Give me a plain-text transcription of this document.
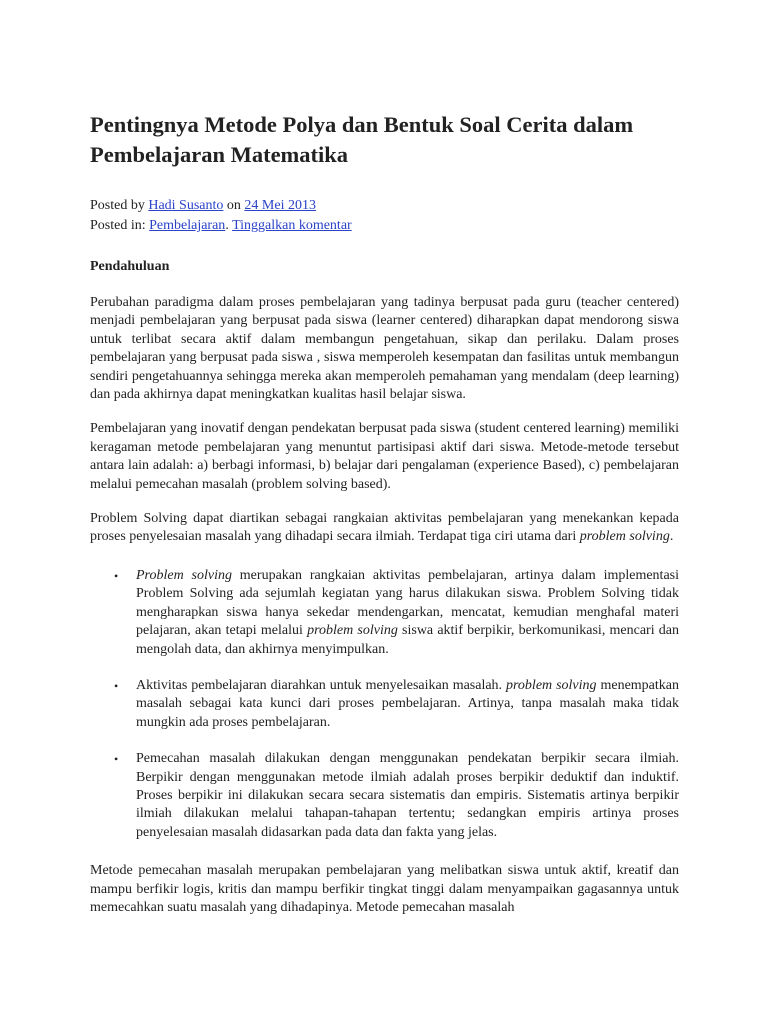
Pentingnya Metode Polya dan Bentuk Soal Cerita dalam Pembelajaran Matematika
Posted by Hadi Susanto on 24 Mei 2013
Posted in: Pembelajaran. Tinggalkan komentar
Pendahuluan

Perubahan paradigma dalam proses pembelajaran yang tadinya berpusat pada guru (teacher centered) menjadi pembelajaran yang berpusat pada siswa (learner centered) diharapkan dapat mendorong siswa untuk terlibat secara aktif dalam membangun pengetahuan, sikap dan perilaku. Dalam proses pembelajaran yang berpusat pada siswa , siswa memperoleh kesempatan dan fasilitas untuk membangun sendiri pengetahuannya sehingga mereka akan memperoleh pemahaman yang mendalam (deep learning) dan pada akhirnya dapat meningkatkan kualitas hasil belajar siswa.

Pembelajaran yang inovatif dengan pendekatan berpusat pada siswa (student centered learning) memiliki keragaman metode pembelajaran yang menuntut partisipasi aktif dari siswa. Metode-metode tersebut antara lain adalah: a) berbagi informasi, b) belajar dari pengalaman (experience Based), c) pembelajaran melalui pemecahan masalah (problem solving based).

Problem Solving dapat diartikan sebagai rangkaian aktivitas pembelajaran yang menekankan kepada proses penyelesaian masalah yang dihadapi secara ilmiah. Terdapat tiga ciri utama dari problem solving.

• Problem solving merupakan rangkaian aktivitas pembelajaran, artinya dalam implementasi Problem Solving ada sejumlah kegiatan yang harus dilakukan siswa. Problem Solving tidak mengharapkan siswa hanya sekedar mendengarkan, mencatat, kemudian menghafal materi pelajaran, akan tetapi melalui problem solving siswa aktif berpikir, berkomunikasi, mencari dan mengolah data, dan akhirnya menyimpulkan.
• Aktivitas pembelajaran diarahkan untuk menyelesaikan masalah. problem solving menempatkan masalah sebagai kata kunci dari proses pembelajaran. Artinya, tanpa masalah maka tidak mungkin ada proses pembelajaran.
• Pemecahan masalah dilakukan dengan menggunakan pendekatan berpikir secara ilmiah. Berpikir dengan menggunakan metode ilmiah adalah proses berpikir deduktif dan induktif. Proses berpikir ini dilakukan secara secara sistematis dan empiris. Sistematis artinya berpikir ilmiah dilakukan melalui tahapan-tahapan tertentu; sedangkan empiris artinya proses penyelesaian masalah didasarkan pada data dan fakta yang jelas.

Metode pemecahan masalah merupakan pembelajaran yang melibatkan siswa untuk aktif, kreatif dan mampu berfikir logis, kritis dan mampu berfikir tingkat tinggi dalam menyampaikan gagasannya untuk memecahkan suatu masalah yang dihadapinya. Metode pemecahan masalah
